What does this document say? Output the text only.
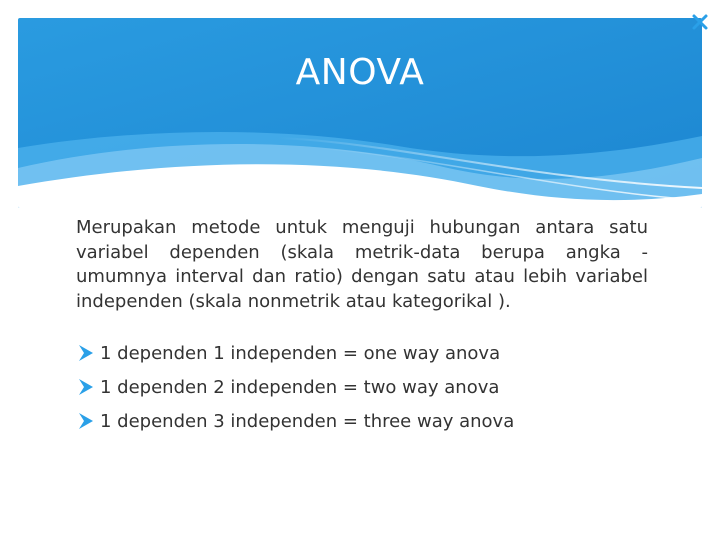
ANOVA
Merupakan metode untuk menguji hubungan antara satu variabel dependen (skala metrik-data berupa angka -umumnya interval dan ratio) dengan satu atau lebih variabel independen (skala nonmetrik atau kategorikal ).
1 dependen 1 independen = one way anova
1 dependen 2 independen = two way anova
1 dependen 3 independen = three way anova
